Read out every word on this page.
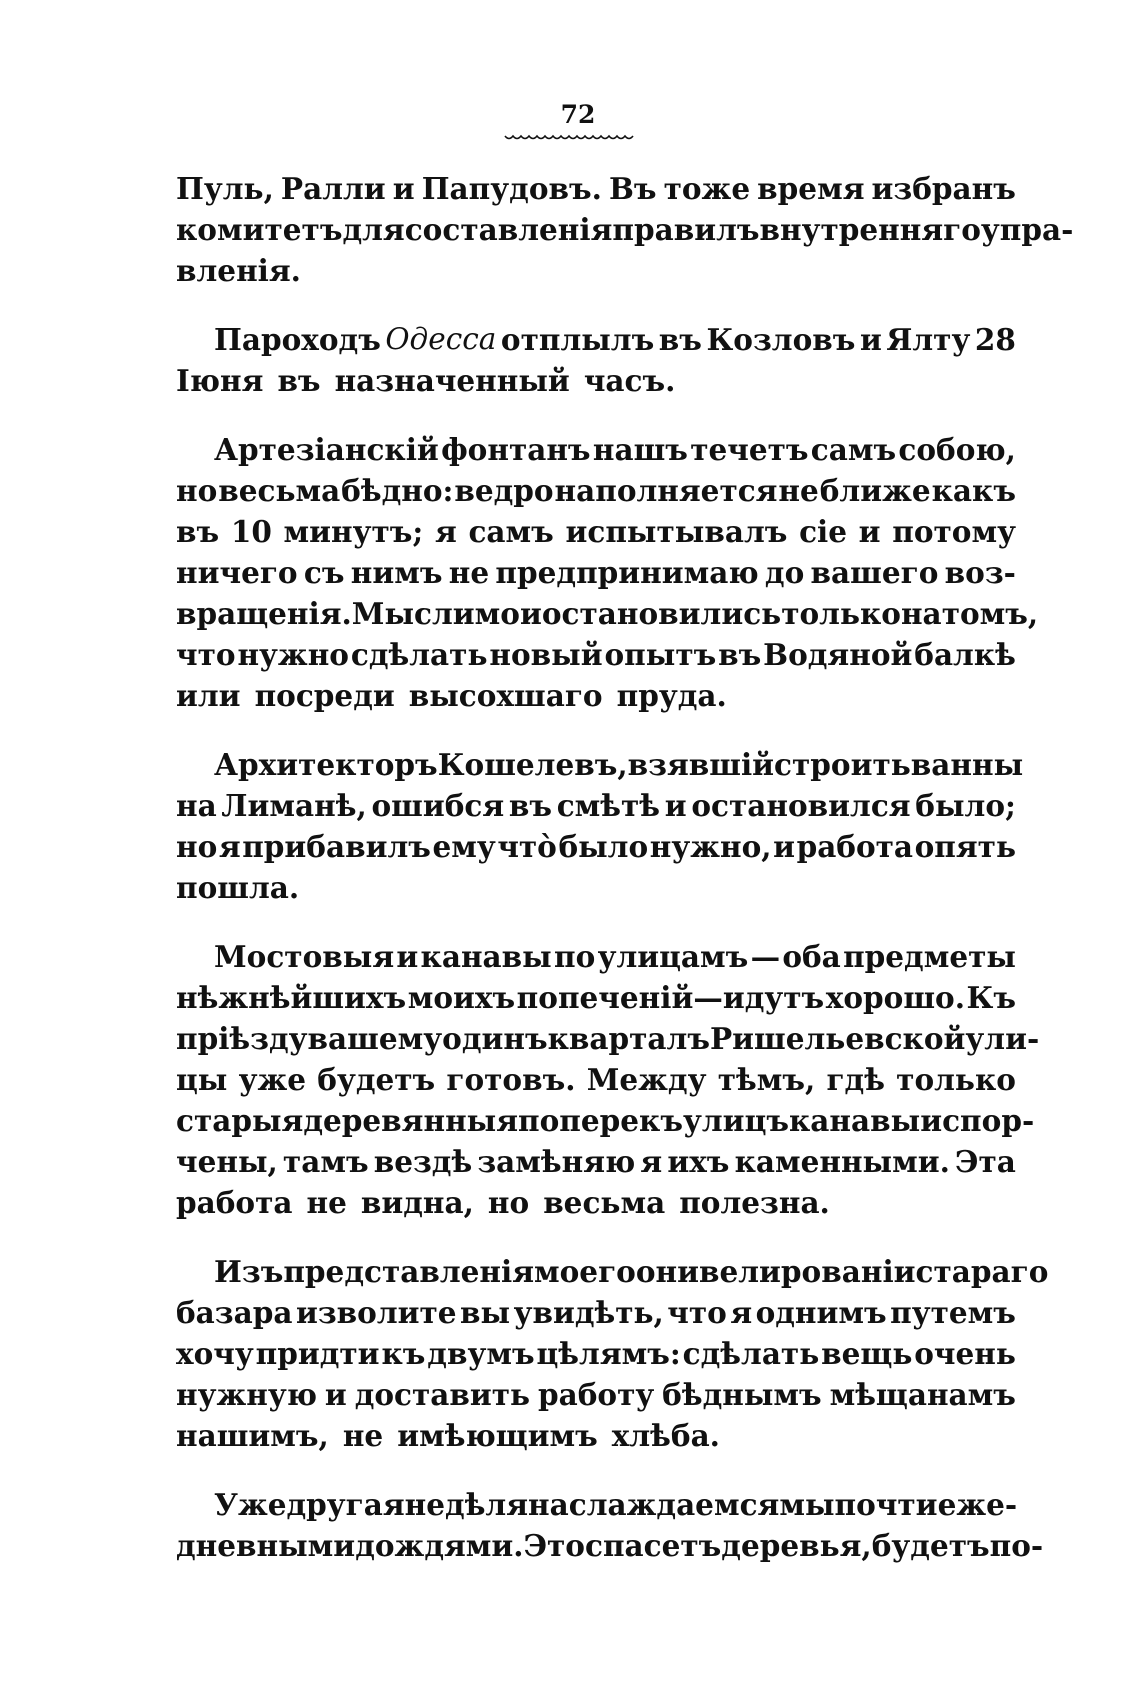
72
Пуль, Ралли и Папудовъ. Въ тоже время избранъ
комитетъ для составленія правилъ внутренняго упра-
вленія.
Пароходъ Одесса отплылъ въ Козловъ и Ялту 28
Іюня въ назначенный часъ.
Артезіанскій фонтанъ нашъ течетъ самъ собою,
но весьма бѣдно: ведро наполняется не ближе какъ
въ 10 минутъ; я самъ испытывалъ сіе и потому
ничего съ нимъ не предпринимаю до вашего воз-
вращенія. Мысли мои остановились только на томъ,
что нужно сдѣлать новый опытъ въ Водяной балкѣ
или посреди высохшаго пруда.
Архитекторъ Кошелевъ, взявшій строить ванны
на Лиманѣ, ошибся въ смѣтѣ и остановился было;
но я прибавилъ ему что̀ было нужно, и работа опять
пошла.
Мостовыя и канавы по улицамъ — оба предметы
нѣжнѣйшихъ моихъ попеченій—идутъ хорошо. Къ
пріѣзду вашему одинъ кварталъ Ришельевской ули-
цы уже будетъ готовъ. Между тѣмъ, гдѣ только
старыя деревянныя поперекъ улицъ канавы испор-
чены, тамъ вездѣ замѣняю я ихъ каменными. Эта
работа не видна, но весьма полезна.
Изъ представленія моего о нивелированіи стараго
базара изволите вы увидѣть, что я однимъ путемъ
хочу придти къ двумъ цѣлямъ: сдѣлать вещь очень
нужную и доставить работу бѣднымъ мѣщанамъ
нашимъ, не имѣющимъ хлѣба.
Уже другая недѣля наслаждаемся мы почти еже-
дневными дождями. Это спасетъ деревья, будетъ по-
